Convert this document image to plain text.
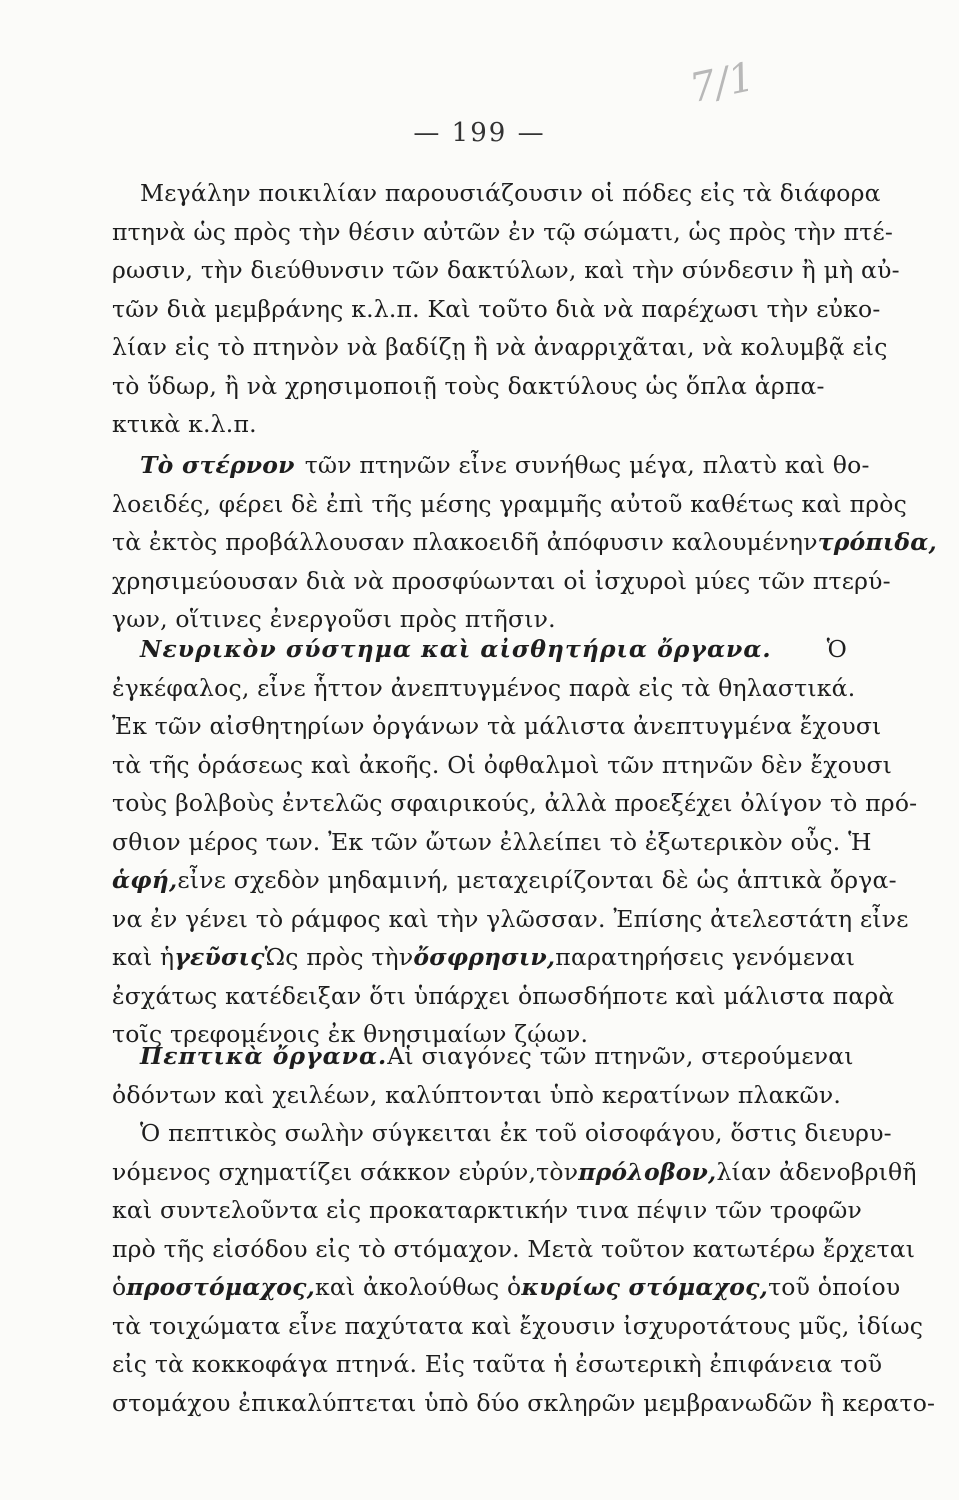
— 199 —
7/1
Μεγάλην ποικιλίαν παρουσιάζουσιν οἱ πόδες εἰς τὰ διάφορα
πτηνὰ ὡς πρὸς τὴν θέσιν αὐτῶν ἐν τῷ σώματι, ὡς πρὸς τὴν πτέ-
ρωσιν, τὴν διεύθυνσιν τῶν δακτύλων, καὶ τὴν σύνδεσιν ἢ μὴ αὐ-
τῶν διὰ μεμβράνης κ.λ.π. Καὶ τοῦτο διὰ νὰ παρέχωσι τὴν εὐκο-
λίαν εἰς τὸ πτηνὸν νὰ βαδίζῃ ἢ νὰ ἀναρριχᾶται, νὰ κολυμβᾷ εἰς
τὸ ὕδωρ, ἢ νὰ χρησιμοποιῇ τοὺς δακτύλους ὡς ὅπλα ἁρπα-
κτικὰ κ.λ.π.
Τὸ στέρνον τῶν πτηνῶν εἶνε συνήθως μέγα, πλατὺ καὶ θο-
λοειδές, φέρει δὲ ἐπὶ τῆς μέσης γραμμῆς αὐτοῦ καθέτως καὶ πρὸς
τὰ ἐκτὸς προβάλλουσαν πλακοειδῆ ἀπόφυσιν καλουμένην τρόπιδα,
χρησιμεύουσαν διὰ νὰ προσφύωνται οἱ ἰσχυροὶ μύες τῶν πτερύ-
γων, οἵτινες ἐνεργοῦσι πρὸς πτῆσιν.
Νευρικὸν σύστημα καὶ αἰσθητήρια ὄργανα. Ὁ
ἐγκέφαλος, εἶνε ἧττον ἀνεπτυγμένος παρὰ εἰς τὰ θηλαστικά.
Ἐκ τῶν αἰσθητηρίων ὀργάνων τὰ μάλιστα ἀνεπτυγμένα ἔχουσι
τὰ τῆς ὁράσεως καὶ ἀκοῆς. Οἱ ὀφθαλμοὶ τῶν πτηνῶν δὲν ἔχουσι
τοὺς βολβοὺς ἐντελῶς σφαιρικούς, ἀλλὰ προεξέχει ὀλίγον τὸ πρό-
σθιον μέρος των. Ἐκ τῶν ὤτων ἐλλείπει τὸ ἐξωτερικὸν οὖς. Ἡ
ἁφή, εἶνε σχεδὸν μηδαμινή, μεταχειρίζονται δὲ ὡς ἁπτικὰ ὄργα-
να ἐν γένει τὸ ράμφος καὶ τὴν γλῶσσαν. Ἐπίσης ἀτελεστάτη εἶνε
καὶ ἡ γεῦσις Ὡς πρὸς τὴν ὄσφρησιν, παρατηρήσεις γενόμεναι
ἐσχάτως κατέδειξαν ὅτι ὑπάρχει ὁπωσδήποτε καὶ μάλιστα παρὰ
τοῖς τρεφομένοις ἐκ θνησιμαίων ζῴων.
Πεπτικὰ ὄργανα. Αἱ σιαγόνες τῶν πτηνῶν, στερούμεναι
ὀδόντων καὶ χειλέων, καλύπτονται ὑπὸ κερατίνων πλακῶν.
Ὁ πεπτικὸς σωλὴν σύγκειται ἐκ τοῦ οἰσοφάγου, ὅστις διευρυ-
νόμενος σχηματίζει σάκκον εὐρύν,τὸν πρόλοβον, λίαν ἀδενοβριθῆ
καὶ συντελοῦντα εἰς προκαταρκτικήν τινα πέψιν τῶν τροφῶν
πρὸ τῆς εἰσόδου εἰς τὸ στόμαχον. Μετὰ τοῦτον κατωτέρω ἔρχεται
ὁ προστόμαχος, καὶ ἀκολούθως ὁ κυρίως στόμαχος, τοῦ ὁποίου
τὰ τοιχώματα εἶνε παχύτατα καὶ ἔχουσιν ἰσχυροτάτους μῦς, ἰδίως
εἰς τὰ κοκκοφάγα πτηνά. Εἰς ταῦτα ἡ ἐσωτερικὴ ἐπιφάνεια τοῦ
στομάχου ἐπικαλύπτεται ὑπὸ δύο σκληρῶν μεμβρανωδῶν ἢ κερατο-
